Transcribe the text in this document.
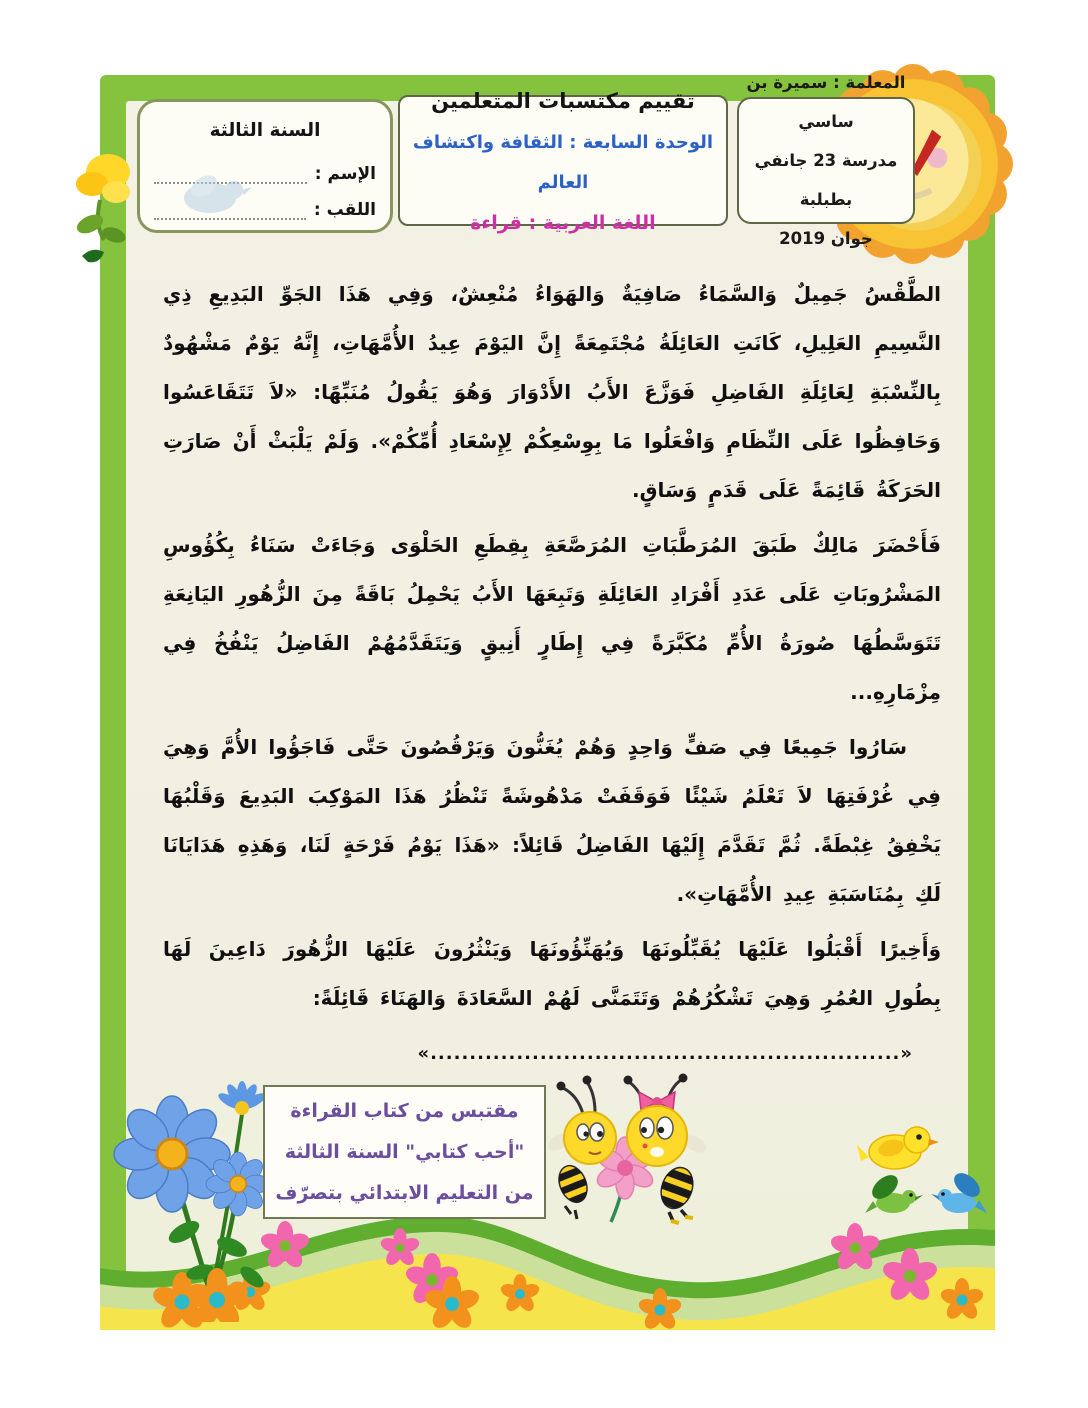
السنة الثالثة
الإسم :
اللقب :
تقييم مكتسبات المتعلمين
الوحدة السابعة : الثقافة واكتشاف العالم
اللغة العربية : قراءة
المعلمة : سميرة بن ساسي
مدرسة 23 جانفي بطبلبة
جوان 2019

الطَّقْسُ جَمِيلٌ وَالسَّمَاءُ صَافِيَةٌ وَالهَوَاءُ مُنْعِشٌ، وَفِي هَذَا الجَوِّ البَدِيعِ ذِي النَّسِيمِ العَلِيلِ، كَانَتِ العَائِلَةُ مُجْتَمِعَةً إِنَّ اليَوْمَ عِيدُ الأُمَّهَاتِ، إِنَّهُ يَوْمٌ مَشْهُودٌ بِالنِّسْبَةِ لِعَائِلَةِ الفَاضِلِ فَوَزَّعَ الأَبُ الأَدْوَارَ وَهُوَ يَقُولُ مُنَبِّهًا: «لاَ تَتَقَاعَسُوا وَحَافِظُوا عَلَى النِّظَامِ وَافْعَلُوا مَا بِوِسْعِكُمْ لِإِسْعَادِ أُمِّكُمْ». وَلَمْ يَلْبَثْ أَنْ صَارَتِ الحَرَكَةُ قَائِمَةً عَلَى قَدَمٍ وَسَاقٍ.

فَأَحْضَرَ مَالِكٌ طَبَقَ المُرَطَّبَاتِ المُرَصَّعَةِ بِقِطَعِ الحَلْوَى وَجَاءَتْ سَنَاءُ بِكُؤُوسِ المَشْرُوبَاتِ عَلَى عَدَدِ أَفْرَادِ العَائِلَةِ وَتَبِعَهَا الأَبُ يَحْمِلُ بَاقَةً مِنَ الزُّهُورِ اليَانِعَةِ تَتَوَسَّطُهَا صُورَةُ الأُمِّ مُكَبَّرَةً فِي إِطَارٍ أَنِيقٍ وَيَتَقَدَّمُهُمْ الفَاضِلُ يَنْفُخُ فِي مِزْمَارِهِ...

سَارُوا جَمِيعًا فِي صَفٍّ وَاحِدٍ وَهُمْ يُغَنُّونَ وَيَرْقُصُونَ حَتَّى فَاجَؤُوا الأُمَّ وَهِيَ فِي غُرْفَتِهَا لاَ تَعْلَمُ شَيْئًا فَوَقَفَتْ مَدْهُوشَةً تَنْظُرُ هَذَا المَوْكِبَ البَدِيعَ وَقَلْبُهَا يَخْفِقُ غِبْطَةً. ثُمَّ تَقَدَّمَ إِلَيْهَا الفَاضِلُ قَائِلاً: «هَذَا يَوْمُ فَرْحَةٍ لَنَا، وَهَذِهِ هَدَايَانَا لَكِ بِمُنَاسَبَةِ عِيدِ الأُمَّهَاتِ».

وَأَخِيرًا أَقْبَلُوا عَلَيْهَا يُقَبِّلُونَهَا وَيُهَنِّؤُونَهَا وَيَنْثُرُونَ عَلَيْهَا الزُّهُورَ دَاعِينَ لَهَا بِطُولِ العُمُرِ وَهِيَ تَشْكُرُهُمْ وَتَتَمَنَّى لَهُمْ السَّعَادَةَ وَالهَنَاءَ قَائِلَةً:

«............................................................»
مقتبس من كتاب القراءة
"أحب كتابي" السنة الثالثة
من التعليم الابتدائي بتصرّف
